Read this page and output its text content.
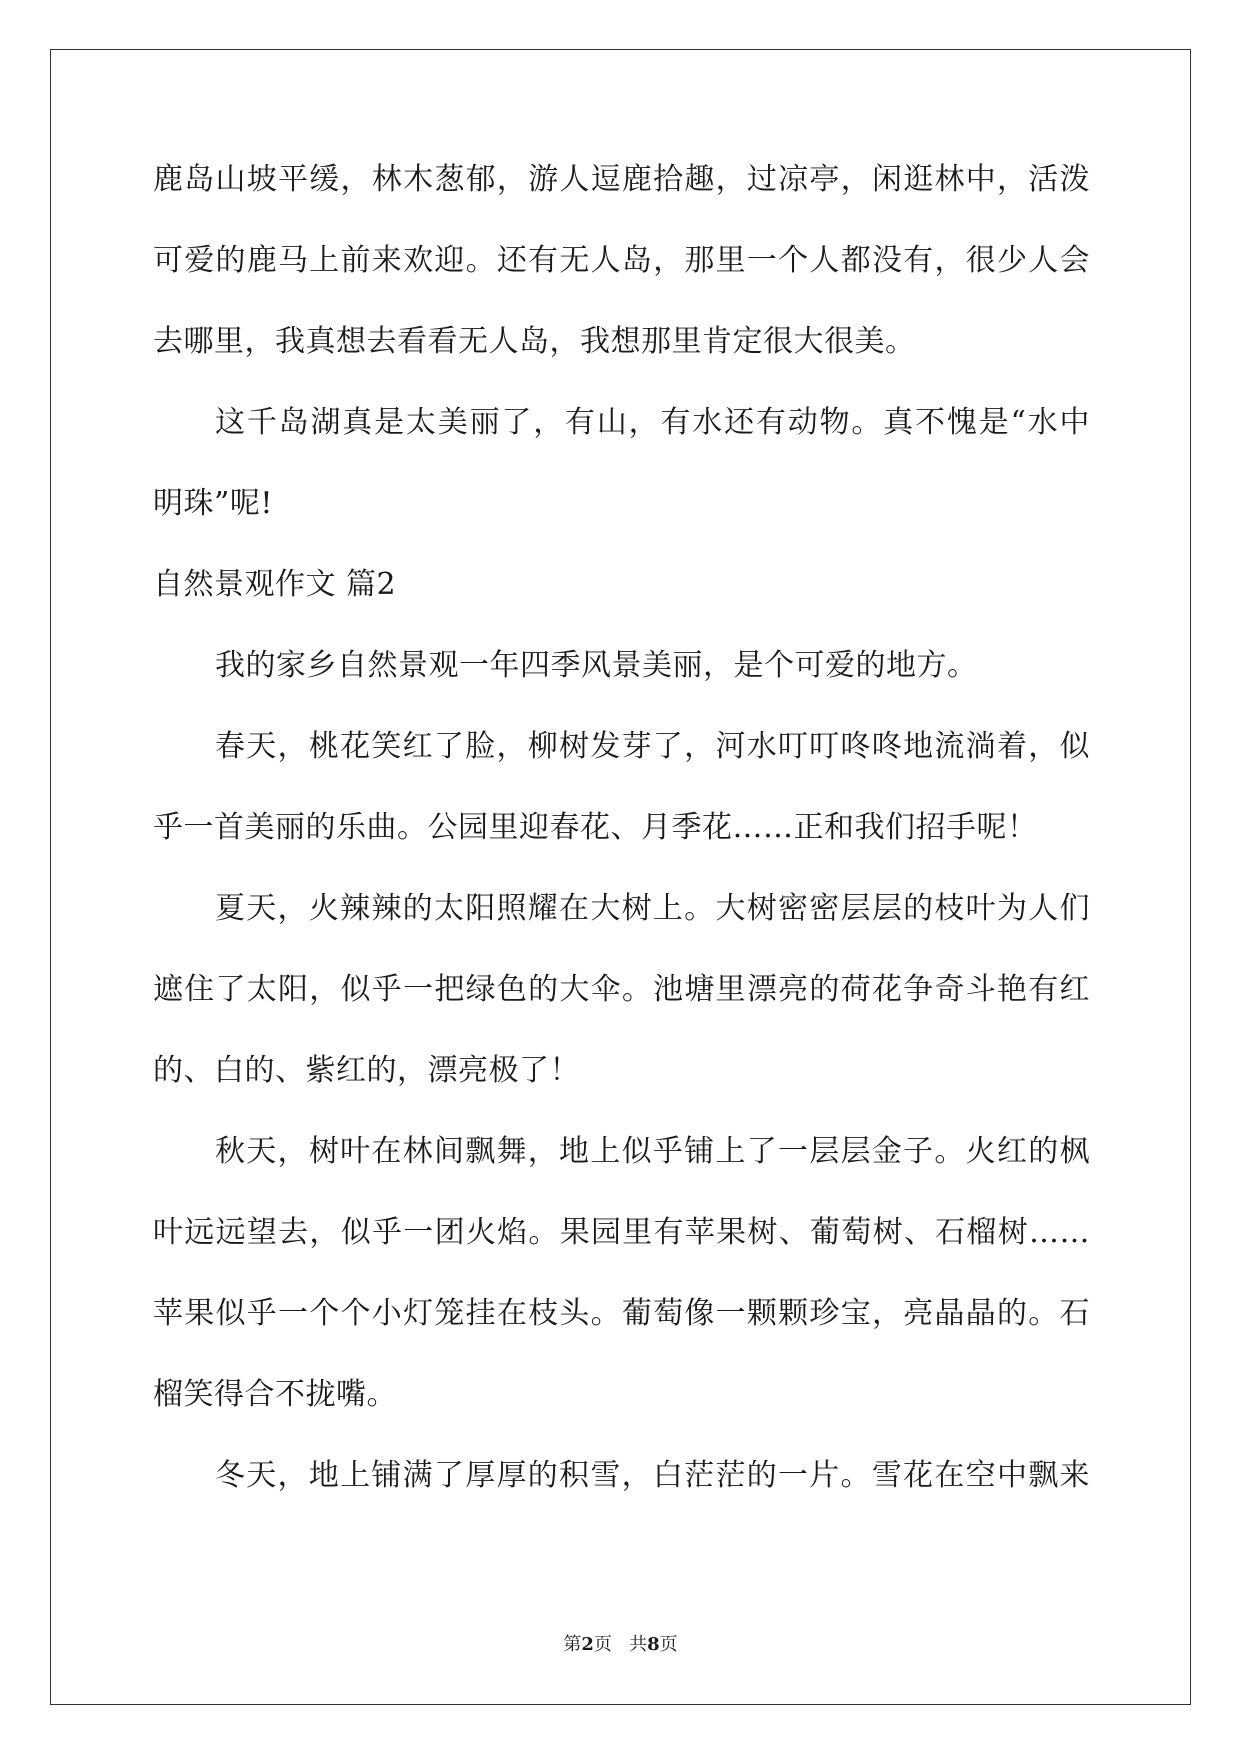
鹿岛山坡平缓，林木葱郁，游人逗鹿拾趣，过凉亭，闲逛林中，活泼
可爱的鹿马上前来欢迎。还有无人岛，那里一个人都没有，很少人会
去哪里，我真想去看看无人岛，我想那里肯定很大很美。
这千岛湖真是太美丽了，有山，有水还有动物。真不愧是“水中
明珠”呢!
自然景观作文 篇2
我的家乡自然景观一年四季风景美丽，是个可爱的地方。
春天，桃花笑红了脸，柳树发芽了，河水叮叮咚咚地流淌着，似
乎一首美丽的乐曲。公园里迎春花、月季花……正和我们招手呢！
夏天，火辣辣的太阳照耀在大树上。大树密密层层的枝叶为人们
遮住了太阳，似乎一把绿色的大伞。池塘里漂亮的荷花争奇斗艳有红
的、白的、紫红的，漂亮极了！
秋天，树叶在林间飘舞，地上似乎铺上了一层层金子。火红的枫
叶远远望去，似乎一团火焰。果园里有苹果树、葡萄树、石榴树……
苹果似乎一个个小灯笼挂在枝头。葡萄像一颗颗珍宝，亮晶晶的。石
榴笑得合不拢嘴。
冬天，地上铺满了厚厚的积雪，白茫茫的一片。雪花在空中飘来
第2页 共8页
